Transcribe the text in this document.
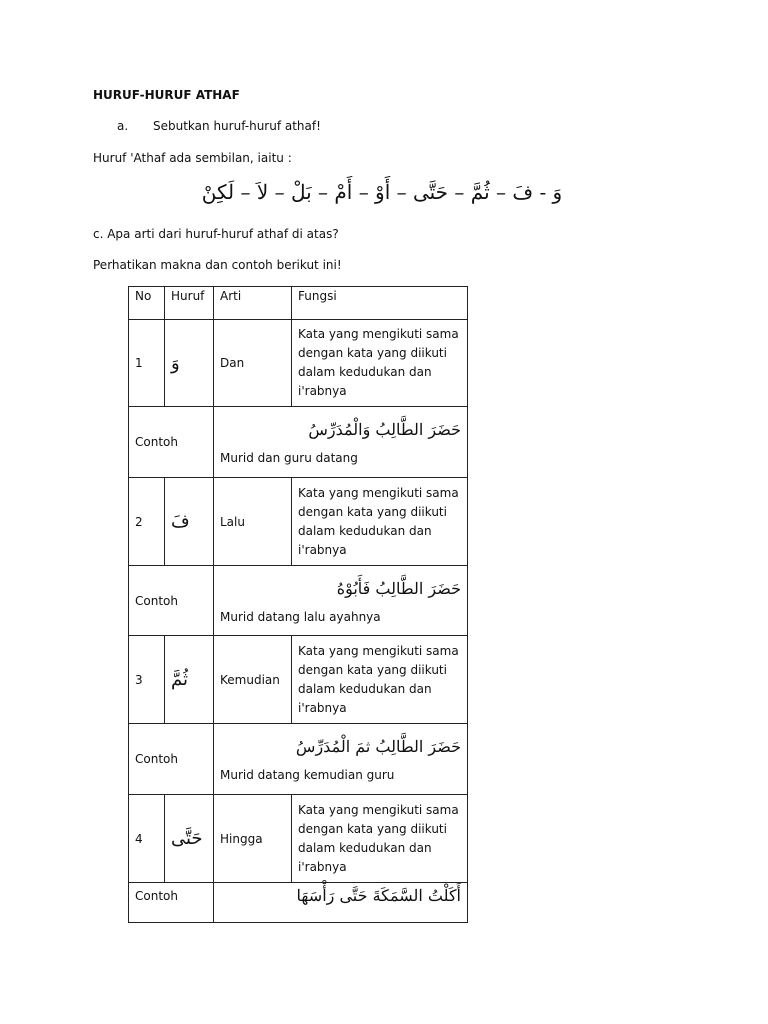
HURUF-HURUF ATHAF
a. Sebutkan huruf-huruf athaf!
Huruf 'Athaf ada sembilan, iaitu :
وَ - فَ – ثُمَّ – حَتَّى – أَوْ – أَمْ – بَلْ – لاَ – لَكِنْ
c. Apa arti dari huruf-huruf athaf di atas?
Perhatikan makna dan contoh berikut ini!
No	Huruf	Arti	Fungsi
1	وَ	Dan	Kata yang mengikuti sama
dengan kata yang diikuti
dalam kedudukan dan
i'rabnya

Contoh		حَضَرَ الطَّالِبُ وَالْمُدَرِّسُ
Murid dan guru datang	

2	فَ	Lalu	Kata yang mengikuti sama
dengan kata yang diikuti
dalam kedudukan dan
i'rabnya

Contoh		حَضَرَ الطَّالِبُ فَأَبُوْهُ
Murid datang lalu ayahnya	

3	ثُمَّ	Kemudian	Kata yang mengikuti sama
dengan kata yang diikuti
dalam kedudukan dan
i'rabnya

Contoh		حَضَرَ الطَّالِبُ ثمَ الْمُدَرِّسُ
Murid datang kemudian guru	

4	حَتَّى	Hingga	Kata yang mengikuti sama
dengan kata yang diikuti
dalam kedudukan dan
i'rabnya

Contoh		أَكَلْتُ السَّمَكَةَ حَتَّى رَأْسَهَا	
